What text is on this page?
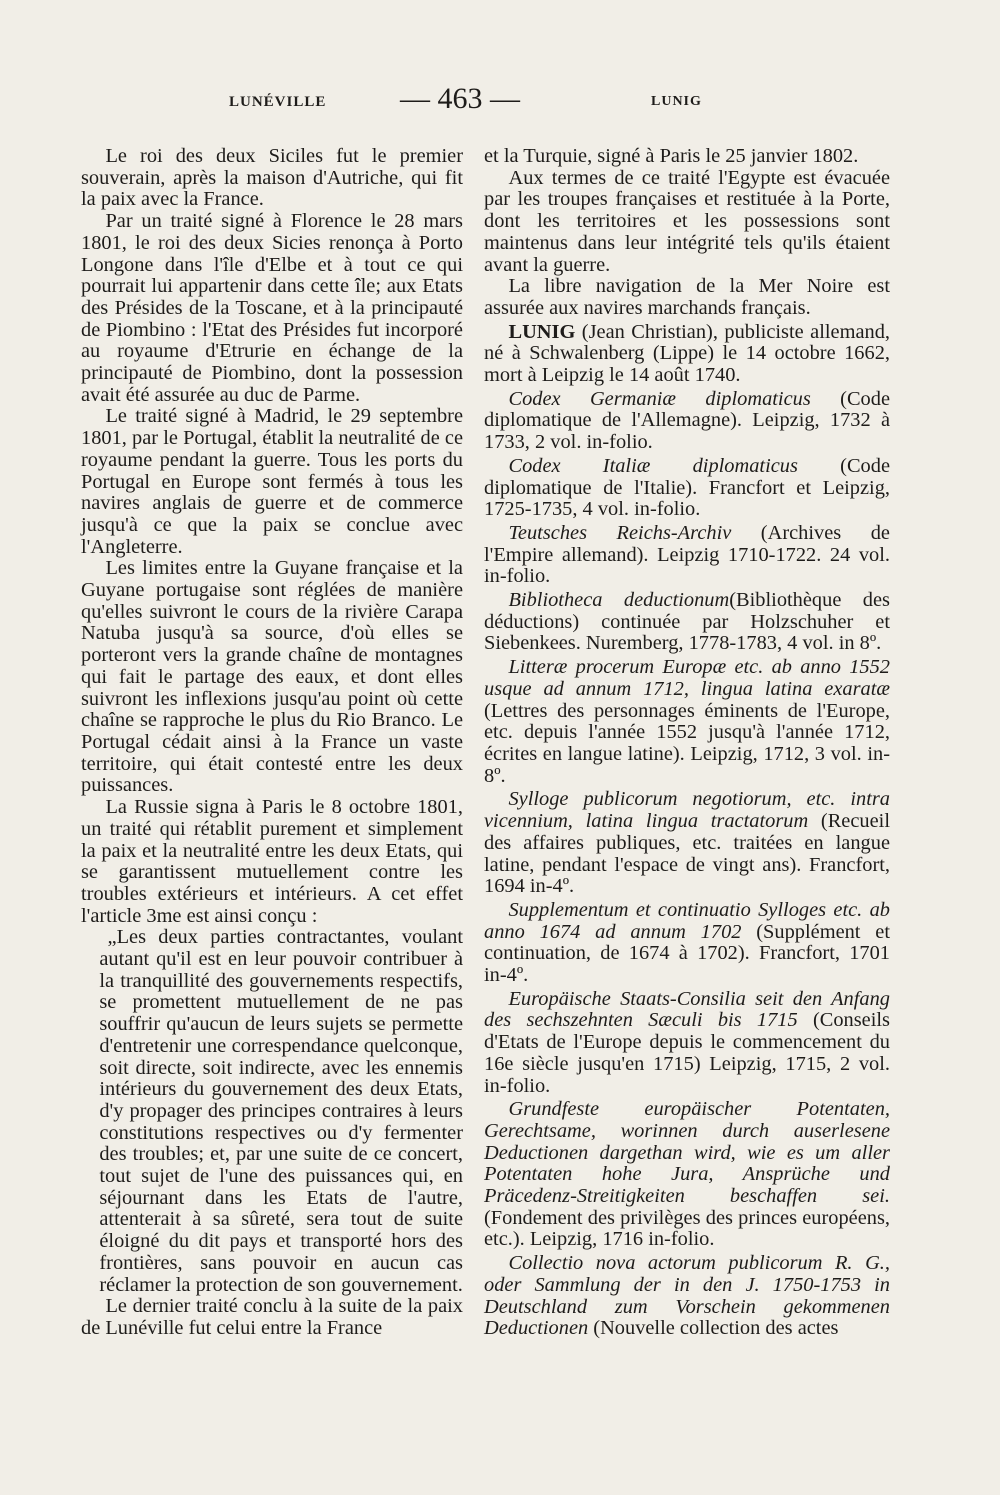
LUNÉVILLE — 463 —	LUNIG

Le roi des deux Siciles fut le premier souverain, après la maison d'Autriche, qui fit la paix avec la France.

Par un traité signé à Florence le 28 mars 1801, le roi des deux Sicies renonça à Porto Longone dans l'île d'Elbe et à tout ce qui pourrait lui appartenir dans cette île; aux Etats des Présides de la Toscane, et à la principauté de Piombino : l'Etat des Présides fut incorporé au royaume d'Etrurie en échange de la principauté de Piombino, dont la possession avait été assurée au duc de Parme.

Le traité signé à Madrid, le 29 septembre 1801, par le Portugal, établit la neutralité de ce royaume pendant la guerre. Tous les ports du Portugal en Europe sont fermés à tous les navires anglais de guerre et de commerce jusqu'à ce que la paix se conclue avec l'Angleterre.

Les limites entre la Guyane française et la Guyane portugaise sont réglées de manière qu'elles suivront le cours de la rivière Carapa Natuba jusqu'à sa source, d'où elles se porteront vers la grande chaîne de montagnes qui fait le partage des eaux, et dont elles suivront les inflexions jusqu'au point où cette chaîne se rapproche le plus du Rio Branco. Le Portugal cédait ainsi à la France un vaste territoire, qui était contesté entre les deux puissances.

La Russie signa à Paris le 8 octobre 1801, un traité qui rétablit purement et simplement la paix et la neutralité entre les deux Etats, qui se garantissent mutuellement contre les troubles extérieurs et intérieurs. A cet effet l'article 3me est ainsi conçu :

„Les deux parties contractantes, voulant autant qu'il est en leur pouvoir contribuer à la tranquillité des gouvernements respectifs, se promettent mutuellement de ne pas souffrir qu'aucun de leurs sujets se permette d'entretenir une correspendance quelconque, soit directe, soit indirecte, avec les ennemis intérieurs du gouvernement des deux Etats, d'y propager des principes contraires à leurs constitutions respectives ou d'y fermenter des troubles; et, par une suite de ce concert, tout sujet de l'une des puissances qui, en séjournant dans les Etats de l'autre, attenterait à sa sûreté, sera tout de suite éloigné du dit pays et transporté hors des frontières, sans pouvoir en aucun cas réclamer la protection de son gouvernement.

Le dernier traité conclu à la suite de la paix de Lunéville fut celui entre la France

et la Turquie, signé à Paris le 25 janvier 1802.

Aux termes de ce traité l'Egypte est évacuée par les troupes françaises et restituée à la Porte, dont les territoires et les possessions sont maintenus dans leur intégrité tels qu'ils étaient avant la guerre.

La libre navigation de la Mer Noire est assurée aux navires marchands français.

LUNIG (Jean Christian), publiciste allemand, né à Schwalenberg (Lippe) le 14 octobre 1662, mort à Leipzig le 14 août 1740.

Codex Germaniæ diplomaticus (Code diplomatique de l'Allemagne). Leipzig, 1732 à 1733, 2 vol. in-folio.

Codex Italiæ diplomaticus (Code diplomatique de l'Italie). Francfort et Leipzig, 1725-1735, 4 vol. in-folio.

Teutsches Reichs-Archiv (Archives de l'Empire allemand). Leipzig 1710-1722. 24 vol. in-folio.

Bibliotheca deductionum(Bibliothèque des déductions) continuée par Holzschuher et Siebenkees. Nuremberg, 1778-1783, 4 vol. in 8º.

Litteræ procerum Europæ etc. ab anno 1552 usque ad annum 1712, lingua latina exaratæ (Lettres des personnages éminents de l'Europe, etc. depuis l'année 1552 jusqu'à l'année 1712, écrites en langue latine). Leipzig, 1712, 3 vol. in-8º.

Sylloge publicorum negotiorum, etc. intra vicennium, latina lingua tractatorum (Recueil des affaires publiques, etc. traitées en langue latine, pendant l'espace de vingt ans). Francfort, 1694 in-4º.

Supplementum et continuatio Sylloges etc. ab anno 1674 ad annum 1702 (Supplément et continuation, de 1674 à 1702). Francfort, 1701 in-4º.

Europäische Staats-Consilia seit den Anfang des sechszehnten Sæculi bis 1715 (Conseils d'Etats de l'Europe depuis le commencement du 16e siècle jusqu'en 1715) Leipzig, 1715, 2 vol. in-folio.

Grundfeste europäischer Potentaten, Gerechtsame, worinnen durch auserlesene Deductionen dargethan wird, wie es um aller Potentaten hohe Jura, Ansprüche und Präcedenz-Streitigkeiten beschaffen sei. (Fondement des privilèges des princes européens, etc.). Leipzig, 1716 in-folio.

Collectio nova actorum publicorum R. G., oder Sammlung der in den J. 1750-1753 in Deutschland zum Vorschein gekommenen Deductionen (Nouvelle collection des actes
